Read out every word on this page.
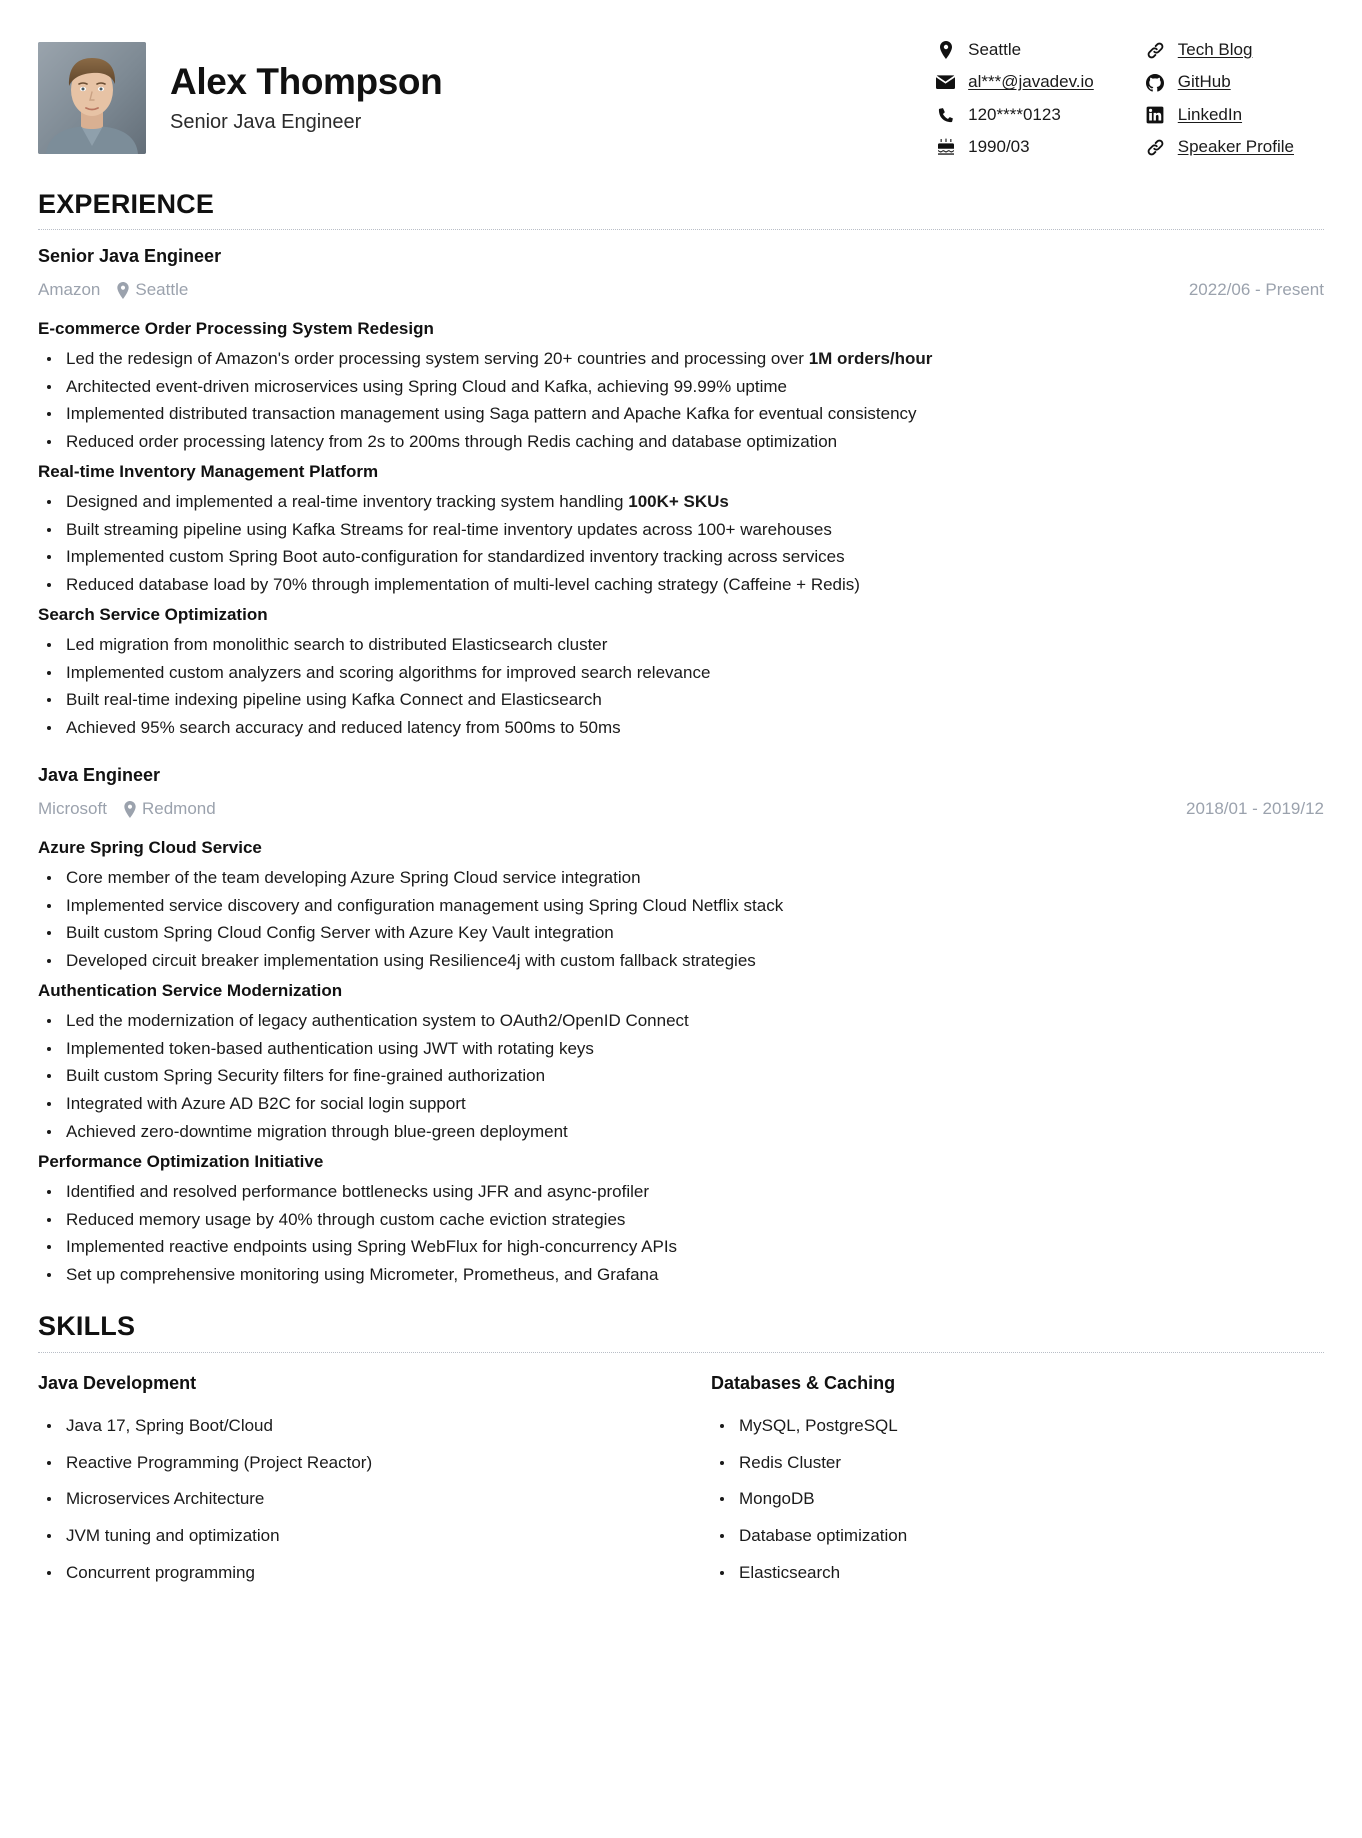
Alex Thompson
Senior Java Engineer
Seattle
al***@javadev.io
120****0123
1990/03
Tech Blog
GitHub
LinkedIn
Speaker Profile
EXPERIENCE
Senior Java Engineer
Amazon Seattle	2022/06 - Present
E-commerce Order Processing System Redesign
Led the redesign of Amazon's order processing system serving 20+ countries and processing over 1M orders/hour
Architected event-driven microservices using Spring Cloud and Kafka, achieving 99.99% uptime
Implemented distributed transaction management using Saga pattern and Apache Kafka for eventual consistency
Reduced order processing latency from 2s to 200ms through Redis caching and database optimization
Real-time Inventory Management Platform
Designed and implemented a real-time inventory tracking system handling 100K+ SKUs
Built streaming pipeline using Kafka Streams for real-time inventory updates across 100+ warehouses
Implemented custom Spring Boot auto-configuration for standardized inventory tracking across services
Reduced database load by 70% through implementation of multi-level caching strategy (Caffeine + Redis)
Search Service Optimization
Led migration from monolithic search to distributed Elasticsearch cluster
Implemented custom analyzers and scoring algorithms for improved search relevance
Built real-time indexing pipeline using Kafka Connect and Elasticsearch
Achieved 95% search accuracy and reduced latency from 500ms to 50ms
Java Engineer
Microsoft Redmond	2018/01 - 2019/12
Azure Spring Cloud Service
Core member of the team developing Azure Spring Cloud service integration
Implemented service discovery and configuration management using Spring Cloud Netflix stack
Built custom Spring Cloud Config Server with Azure Key Vault integration
Developed circuit breaker implementation using Resilience4j with custom fallback strategies
Authentication Service Modernization
Led the modernization of legacy authentication system to OAuth2/OpenID Connect
Implemented token-based authentication using JWT with rotating keys
Built custom Spring Security filters for fine-grained authorization
Integrated with Azure AD B2C for social login support
Achieved zero-downtime migration through blue-green deployment
Performance Optimization Initiative
Identified and resolved performance bottlenecks using JFR and async-profiler
Reduced memory usage by 40% through custom cache eviction strategies
Implemented reactive endpoints using Spring WebFlux for high-concurrency APIs
Set up comprehensive monitoring using Micrometer, Prometheus, and Grafana
SKILLS
Java Development
Java 17, Spring Boot/Cloud
Reactive Programming (Project Reactor)
Microservices Architecture
JVM tuning and optimization
Concurrent programming
Databases & Caching
MySQL, PostgreSQL
Redis Cluster
MongoDB
Database optimization
Elasticsearch
